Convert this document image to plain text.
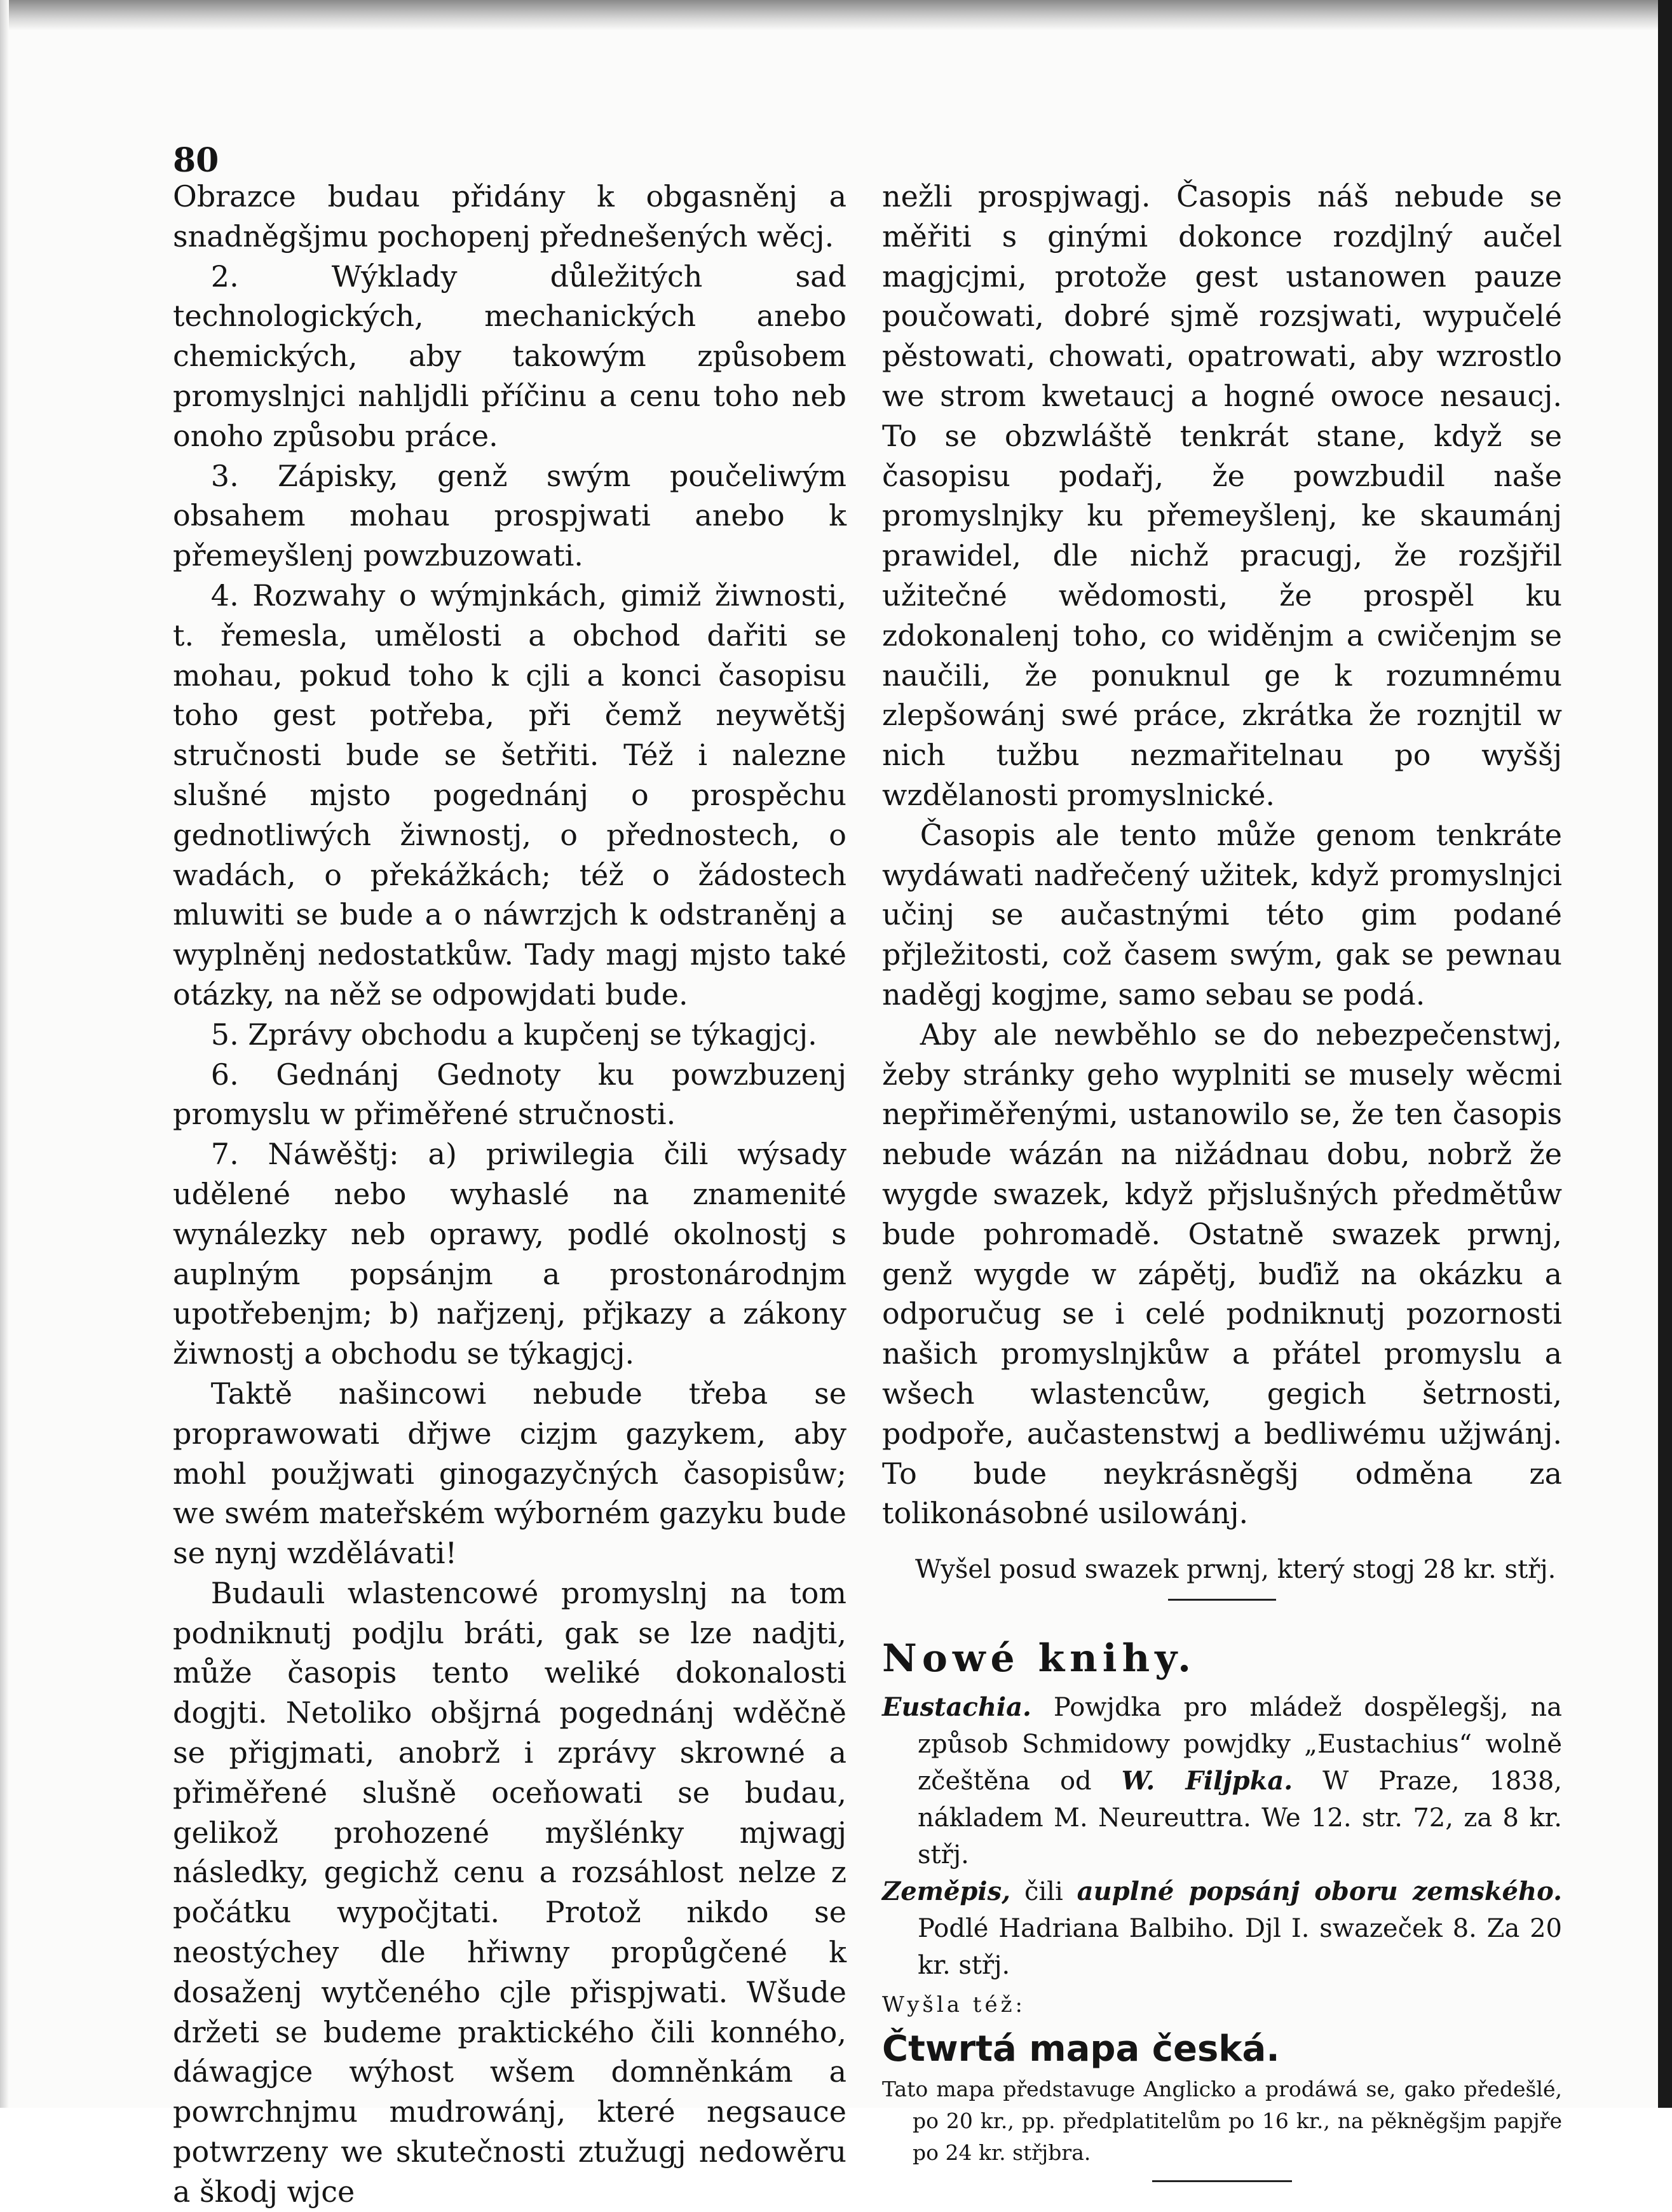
80

Obrazce budau přidány k obgasněnj a snadněgšjmu pochopenj přednešených wěcj.

2. Wýklady důležitých sad technologických, mechanických anebo chemických, aby takowým způsobem promyslnjci nahljdli příčinu a cenu toho neb onoho způsobu práce.

3. Zápisky, genž swým poučeliwým obsahem mohau prospjwati anebo k přemeyšlenj powzbuzowati.

4. Rozwahy o wýmjnkách, gimiž žiwnosti, t. řemesla, umělosti a obchod dařiti se mohau, pokud toho k cjli a konci časopisu toho gest potřeba, při čemž neywětšj stručnosti bude se šetřiti. Též i nalezne slušné mjsto pogednánj o prospěchu gednotliwých žiwnostj, o přednostech, o wadách, o překážkách; též o žádostech mluwiti se bude a o náwrzjch k odstraněnj a wyplněnj nedostatkůw. Tady magj mjsto také otázky, na něž se odpowjdati bude.

5. Zprávy obchodu a kupčenj se týkagjcj.

6. Gednánj Gednoty ku powzbuzenj promyslu w přiměřené stručnosti.

7. Náwěštj: a) priwilegia čili wýsady udělené nebo wyhaslé na znamenité wynálezky neb oprawy, podlé okolnostj s auplným popsánjm a prostonárodnjm upotřebenjm; b) nařjzenj, přjkazy a zákony žiwnostj a obchodu se týkagjcj.

Taktě našincowi nebude třeba se proprawowati dřjwe cizjm gazykem, aby mohl použjwati ginogazyčných časopisůw; we swém mateřském wýborném gazyku bude se nynj wzdělávati!

Budauli wlastencowé promyslnj na tom podniknutj podjlu bráti, gak se lze nadjti, může časopis tento weliké dokonalosti dogjti. Netoliko obšjrná pogednánj wděčně se přigjmati, anobrž i zprávy skrowné a přiměřené slušně oceňowati se budau, gelikož prohozené myšlénky mjwagj následky, gegichž cenu a rozsáhlost nelze z počátku wypočjtati. Protož nikdo se neostýchey dle hřiwny propůgčené k dosaženj wytčeného cjle přispjwati. Wšude držeti se budeme praktického čili konného, dáwagjce wýhost wšem domněnkám a powrchnjmu mudrowánj, které negsauce potwrzeny we skutečnosti ztužugj nedowěru a škodj wjce

nežli prospjwagj. Časopis náš nebude se měřiti s ginými dokonce rozdjlný aučel magjcjmi, protože gest ustanowen pauze poučowati, dobré sjmě rozsjwati, wypučelé pěstowati, chowati, opatrowati, aby wzrostlo we strom kwetaucj a hogné owoce nesaucj. To se obzwláště tenkrát stane, když se časopisu podařj, že powzbudil naše promyslnjky ku přemeyšlenj, ke skaumánj prawidel, dle nichž pracugj, že rozšjřil užitečné wědomosti, že prospěl ku zdokonalenj toho, co widěnjm a cwičenjm se naučili, že ponuknul ge k rozumnému zlepšowánj swé práce, zkrátka že roznjtil w nich tužbu nezmařitelnau po wyššj wzdělanosti promyslnické.

Časopis ale tento může genom tenkráte wydáwati nadřečený užitek, když promyslnjci učinj se aučastnými této gim podané přjležitosti, což časem swým, gak se pewnau naděgj kogjme, samo sebau se podá.

Aby ale newběhlo se do nebezpečenstwj, žeby stránky geho wyplniti se musely wěcmi nepřiměřenými, ustanowilo se, že ten časopis nebude wázán na nižádnau dobu, nobrž že wygde swazek, když přjslušných předmětůw bude pohromadě. Ostatně swazek prwnj, genž wygde w zápětj, buďiž na okázku a odporučug se i celé podniknutj pozornosti našich promyslnjkůw a přátel promyslu a wšech wlastencůw, gegich šetrnosti, podpoře, aučastenstwj a bedliwému užjwánj. To bude neykrásněgšj odměna za tolikonásobné usilowánj.

Wyšel posud swazek prwnj, který stogj 28 kr. střj.

Nowé knihy.

Eustachia. Powjdka pro mládež dospělegšj, na způsob Schmidowy powjdky „Eustachius“ wolně zčeštěna od W. Filjpka. W Praze, 1838, nákladem M. Neureuttra. We 12. str. 72, za 8 kr. střj.

Zeměpis, čili auplné popsánj oboru zemského. Podlé Hadriana Balbiho. Djl I. swazeček 8. Za 20 kr. střj.

Wyšla též:

Čtwrtá mapa česká.

Tato mapa představuge Anglicko a prodáwá se, gako předešlé, po 20 kr., pp. předplatitelům po 16 kr., na pěkněgšjm papjře po 24 kr. střjbra.
